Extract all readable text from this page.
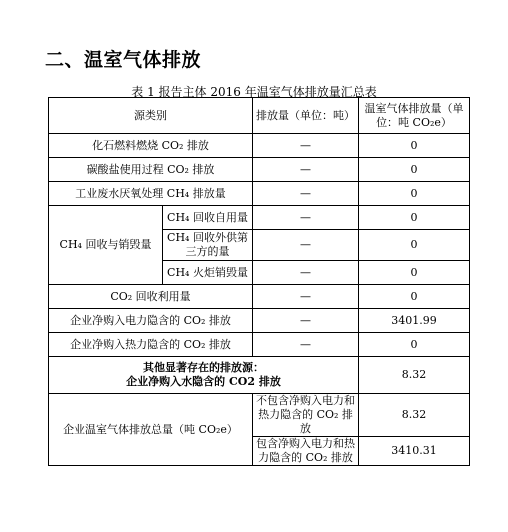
二、温室气体排放
表 1 报告主体 2016 年温室气体排放量汇总表
源类别		排放量（单位：吨）	温室气体排放量（单位：吨 CO₂e）
化石燃料燃烧 CO₂ 排放		—	0
碳酸盐使用过程 CO₂ 排放		—	0
工业废水厌氧处理 CH₄ 排放量		—	0
CH₄ 回收与销毁量	CH₄ 回收自用量	—	0
	CH₄ 回收外供第三方的量	—	0
	CH₄ 火炬销毁量	—	0
CO₂ 回收利用量		—	0
企业净购入电力隐含的 CO₂ 排放		—	3401.99
企业净购入热力隐含的 CO₂ 排放		—	0

其他显著存在的排放源：
企业净购入水隐含的 CO2 排放			8.32
企业温室气体排放总量（吨 CO₂e）		不包含净购入电力和热力隐含的 CO₂ 排放	8.32
		包含净购入电力和热力隐含的 CO₂ 排放	3410.31
